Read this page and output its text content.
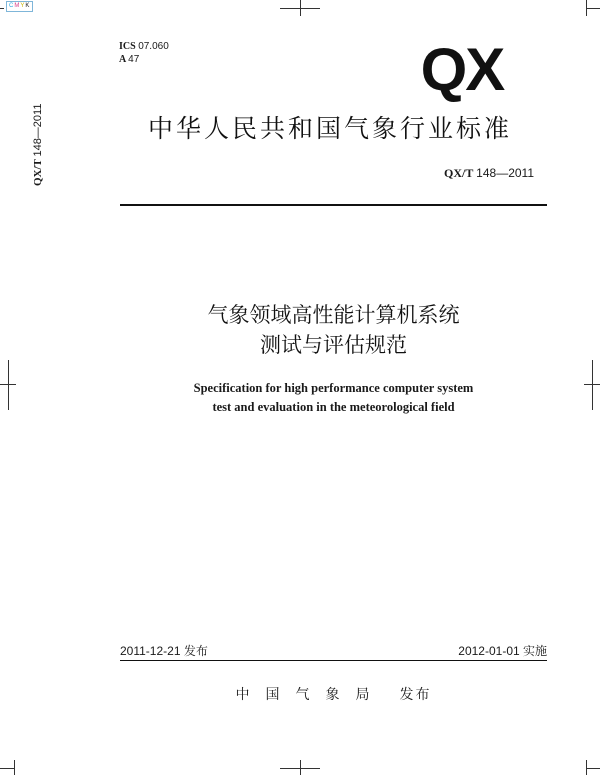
CMYK
QX/T 148—2011
ICS 07.060
A 47	QX
中华人民共和国气象行业标准
QX/T 148—2011
气象领域高性能计算机系统
测试与评估规范
Specification for high performance computer system
test and evaluation in the meteorological field
2011-12-21 发布	2012-01-01 实施
中 国 气 象 局 发布
